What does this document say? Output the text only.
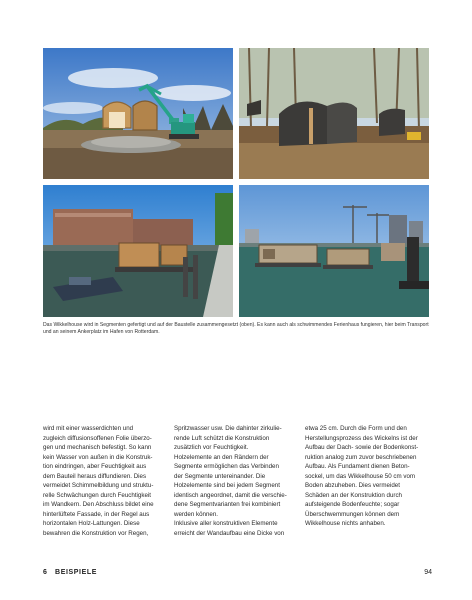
Das Wikkelhouse wird in Segmenten gefertigt und auf der Baustelle zusammengesetzt (oben). Es kann auch als schwimmendes Ferienhaus fungieren, hier beim Transport und an seinem Ankerplatz im Hafen von Rotterdam.
wird mit einer wasserdichten und
zugleich diffusionsoffenen Folie überzo-
gen und mechanisch befestigt. So kann
kein Wasser von außen in die Konstruk-
tion eindringen, aber Feuchtigkeit aus
dem Bauteil heraus diffundieren. Dies
vermeidet Schimmelbildung und struktu-
relle Schwächungen durch Feuchtigkeit
im Wandkern. Den Abschluss bildet eine
hinterlüftete Fassade, in der Regel aus
horizontalen Holz-Lattungen. Diese
bewahren die Konstruktion vor Regen,
Spritzwasser usw. Die dahinter zirkulie-
rende Luft schützt die Konstruktion
zusätzlich vor Feuchtigkeit.
Holzelemente an den Rändern der
Segmente ermöglichen das Verbinden
der Segmente untereinander. Die
Holzelemente sind bei jedem Segment
identisch angeordnet, damit die verschie-
dene Segmentvarianten frei kombiniert
werden können.
Inklusive aller konstruktiven Elemente
erreicht der Wandaufbau eine Dicke von
etwa 25 cm. Durch die Form und den
Herstellungsprozess des Wickelns ist der
Aufbau der Dach- sowie der Bodenkonst-
ruktion analog zum zuvor beschriebenen
Aufbau. Als Fundament dienen Beton-
sockel, um das Wikkelhouse 50 cm vom
Boden abzuheben. Dies vermeidet
Schäden an der Konstruktion durch
aufsteigende Bodenfeuchte; sogar
Überschwemmungen können dem
Wikkelhouse nichts anhaben.
6 BEISPIELE	94
